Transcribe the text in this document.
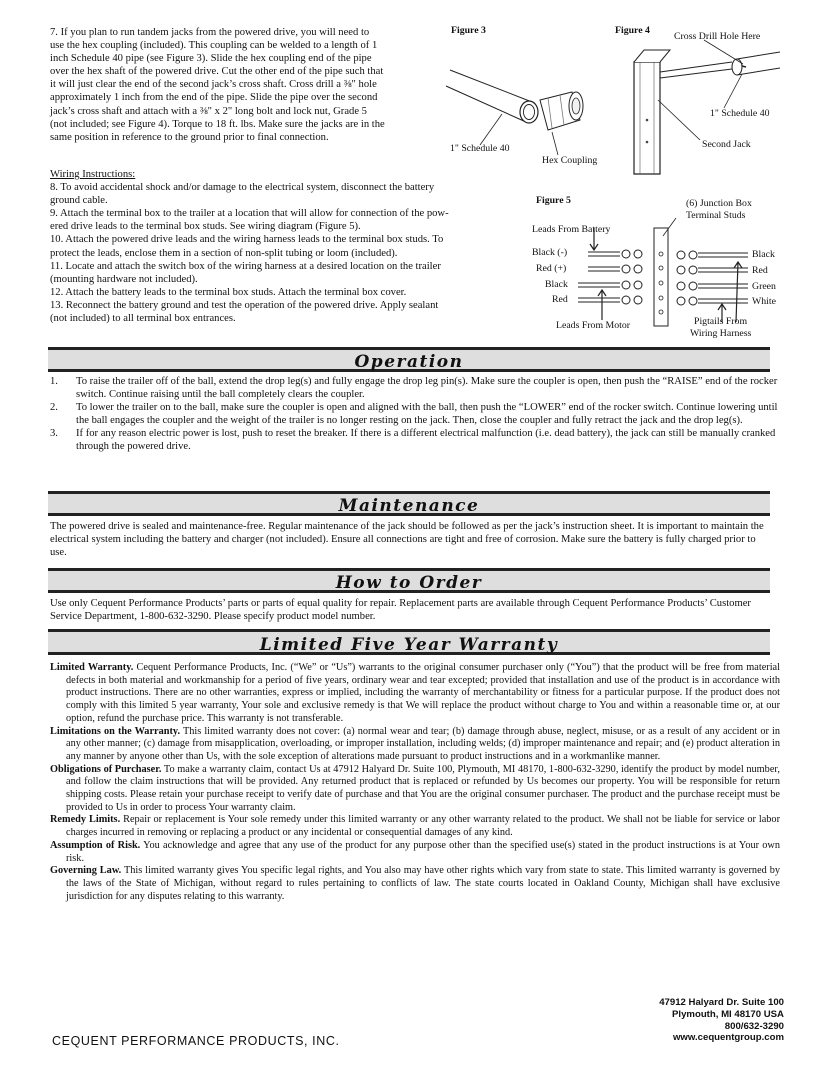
7. If you plan to run tandem jacks from the powered drive, you will need to
use the hex coupling (included). This coupling can be welded to a length of 1
inch Schedule 40 pipe (see Figure 3). Slide the hex coupling end of the pipe
over the hex shaft of the powered drive. Cut the other end of the pipe such that
it will just clear the end of the second jack’s cross shaft. Cross drill a ⅜" hole
approximately 1 inch from the end of the pipe. Slide the pipe over the second
jack’s cross shaft and attach with a ⅜" x 2" long bolt and lock nut, Grade 5
(not included; see Figure 4). Torque to 18 ft. lbs. Make sure the jacks are in the
same position in reference to the ground prior to final connection.
Wiring Instructions:
8. To avoid accidental shock and/or damage to the electrical system, disconnect the battery
ground cable.
9. Attach the terminal box to the trailer at a location that will allow for connection of the pow-
ered drive leads to the terminal box studs. See wiring diagram (Figure 5).
10. Attach the powered drive leads and the wiring harness leads to the terminal box studs. To
protect the leads, enclose them in a section of non-split tubing or loom (included).
11. Locate and attach the switch box of the wiring harness at a desired location on the trailer
(mounting hardware not included).
12. Attach the battery leads to the terminal box studs. Attach the terminal box cover.
13. Reconnect the battery ground and test the operation of the powered drive. Apply sealant
(not included) to all terminal box entrances.
Figure 3
1" Schedule 40
Hex Coupling
Figure 4
Cross Drill Hole Here
1" Schedule 40
Second Jack
Figure 5	(6) Junction Box
Terminal Studs
Leads From Battery
Black (-)
Red (+)
Black
Red
Leads From Motor
Black
Red
Green
White
Pigtails From
Wiring Harness
Operation
1.	To raise the trailer off of the ball, extend the drop leg(s) and fully engage the drop leg pin(s). Make sure the coupler is open, then push the “RAISE” end of the rocker switch. Continue raising until the ball completely clears the coupler.
2.	To lower the trailer on to the ball, make sure the coupler is open and aligned with the ball, then push the “LOWER” end of the rocker switch. Continue lowering until the ball engages the coupler and the weight of the trailer is no longer resting on the jack. Then, close the coupler and fully retract the jack and the drop leg(s).
3.	If for any reason electric power is lost, push to reset the breaker. If there is a different electrical malfunction (i.e. dead battery), the jack can still be manually cranked through the powered drive.
Maintenance
The powered drive is sealed and maintenance-free. Regular maintenance of the jack should be followed as per the jack’s instruction sheet. It is important to maintain the electrical system including the battery and charger (not included). Ensure all connections are tight and free of corrosion. Make sure the battery is fully charged prior to use.
How to Order
Use only Cequent Performance Products’ parts or parts of equal quality for repair. Replacement parts are available through Cequent Performance Products’ Customer Service Department, 1-800-632-3290. Please specify product model number.
Limited Five Year Warranty
Limited Warranty. Cequent Performance Products, Inc. (“We” or “Us”) warrants to the original consumer purchaser only (“You”) that the product will be free from material defects in both material and workmanship for a period of five years, ordinary wear and tear excepted; provided that installation and use of the product is in accordance with product instructions. There are no other warranties, express or implied, including the warranty of merchantability or fitness for a particular purpose. If the product does not comply with this limited 5 year warranty, Your sole and exclusive remedy is that We will replace the product without charge to You and within a reasonable time or, at our option, refund the purchase price. This warranty is not transferable.
Limitations on the Warranty. This limited warranty does not cover: (a) normal wear and tear; (b) damage through abuse, neglect, misuse, or as a result of any accident or in any other manner; (c) damage from misapplication, overloading, or improper installation, including welds; (d) improper maintenance and repair; and (e) product alteration in any manner by anyone other than Us, with the sole exception of alterations made pursuant to product instructions and in a workmanlike manner.
Obligations of Purchaser. To make a warranty claim, contact Us at 47912 Halyard Dr. Suite 100, Plymouth, MI 48170, 1-800-632-3290, identify the product by model number, and follow the claim instructions that will be provided. Any returned product that is replaced or refunded by Us becomes our property. You will be responsible for return shipping costs. Please retain your purchase receipt to verify date of purchase and that You are the original consumer purchaser. The product and the purchase receipt must be provided to Us in order to process Your warranty claim.
Remedy Limits. Repair or replacement is Your sole remedy under this limited warranty or any other warranty related to the product. We shall not be liable for service or labor charges incurred in removing or replacing a product or any incidental or consequential damages of any kind.
Assumption of Risk. You acknowledge and agree that any use of the product for any purpose other than the specified use(s) stated in the product instructions is at Your own risk.
Governing Law. This limited warranty gives You specific legal rights, and You also may have other rights which vary from state to state. This limited warranty is governed by the laws of the State of Michigan, without regard to rules pertaining to conflicts of law. The state courts located in Oakland County, Michigan shall have exclusive jurisdiction for any disputes relating to this warranty.
47912 Halyard Dr. Suite 100
Plymouth, MI 48170 USA
800/632-3290
www.cequentgroup.com
CEQUENT PERFORMANCE PRODUCTS, INC.
